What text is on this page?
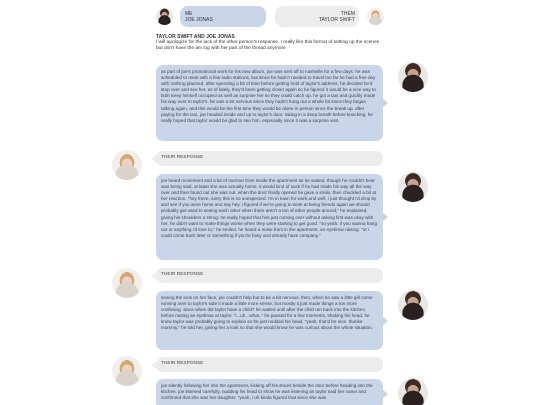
ME
JOE JONAS
THEM
TAYLOR SWIFT
TAYLOR SWIFT AND JOE JONAS
I will apologize for the lack of the other person's response. I really like this format of setting up the scenes but don't have the am log with her part of the thread anymore
as part of joe's promotional work for his new album, joe was sent off to nashville for a few days. he was scheduled to meet with a few radio stations, but since he hadn't needed to travel too far he had a free day with nothing planned. after spending a bit of time before getting hold of taylor's address, he decided he'd stop over and see her. as of lately, they'd been getting closer again so he figured it would be a nice way to both keep himself occupied as well as surprise her so they could catch up. he got a taxi and quickly made his way over to taylor's. he was a bit nervous since they hadn't hung out a whole lot since they began talking again, and this would be the first time they would be alone in person since the break up. after paying for the taxi, joe headed inside and up to taylor's door, taking in a deep breath before knocking. he really hoped that taylor would be glad to see him, especially since it was a surprise visit.
THEIR RESPONSE
joe heard movement and a bit of murmur from inside the apartment as he waited, though he couldn't hear was being said, at least she was actually home. it would kind of suck if he had made his way all the way over and then found out she was out. when the door finally opened he gave a smile, then chuckled a bit at her reaction. "hey there, sorry this is so unexpected. i'm in town for work and well, i just thought i'd drop by and see if you were home and say hey. i figured if we're going to work at being friends again we should probably get used to seeing each other when there aren't a ton of other people around," he explained, giving his shoulders a shrug. he really hoped that him just coming over without asking first was okay with her, he didn't want to make things worse when they were starting to get good. "so yeah. if you wanna hang out or anything i'd love to," he smiled. he heard a noise from in the apartment, an eyebrow raising. "or i could come back later or something if you're busy and already have company."
THEIR RESPONSE
seeing the look on her face, joe couldn't help but to be a bit nervous. then, when he saw a little girl come running over to taylor's side it made a little more sense, but mostly it just made things a ton more confusing. since when did taylor have a child? he waited until after the child ran back into the kitchen before raising an eyebrow at taylor. "i...uh...what.." he paused for a few moments, shaking his head. he knew taylor was probably going to explain so he just nodded his head, "yeah, that'd be nice. thanks mommy," he told her, giving her a look so that she would know he was curious about the whole situation.
THEIR RESPONSE
joe silently following her into the apartment, kicking off his shoes beside the door before heading into the kitchen. joe listened carefully, nodding his head to show he was listening as taylor said her name and confirmed that she was her daughter. "yeah, i uh kinda figured that since she was
